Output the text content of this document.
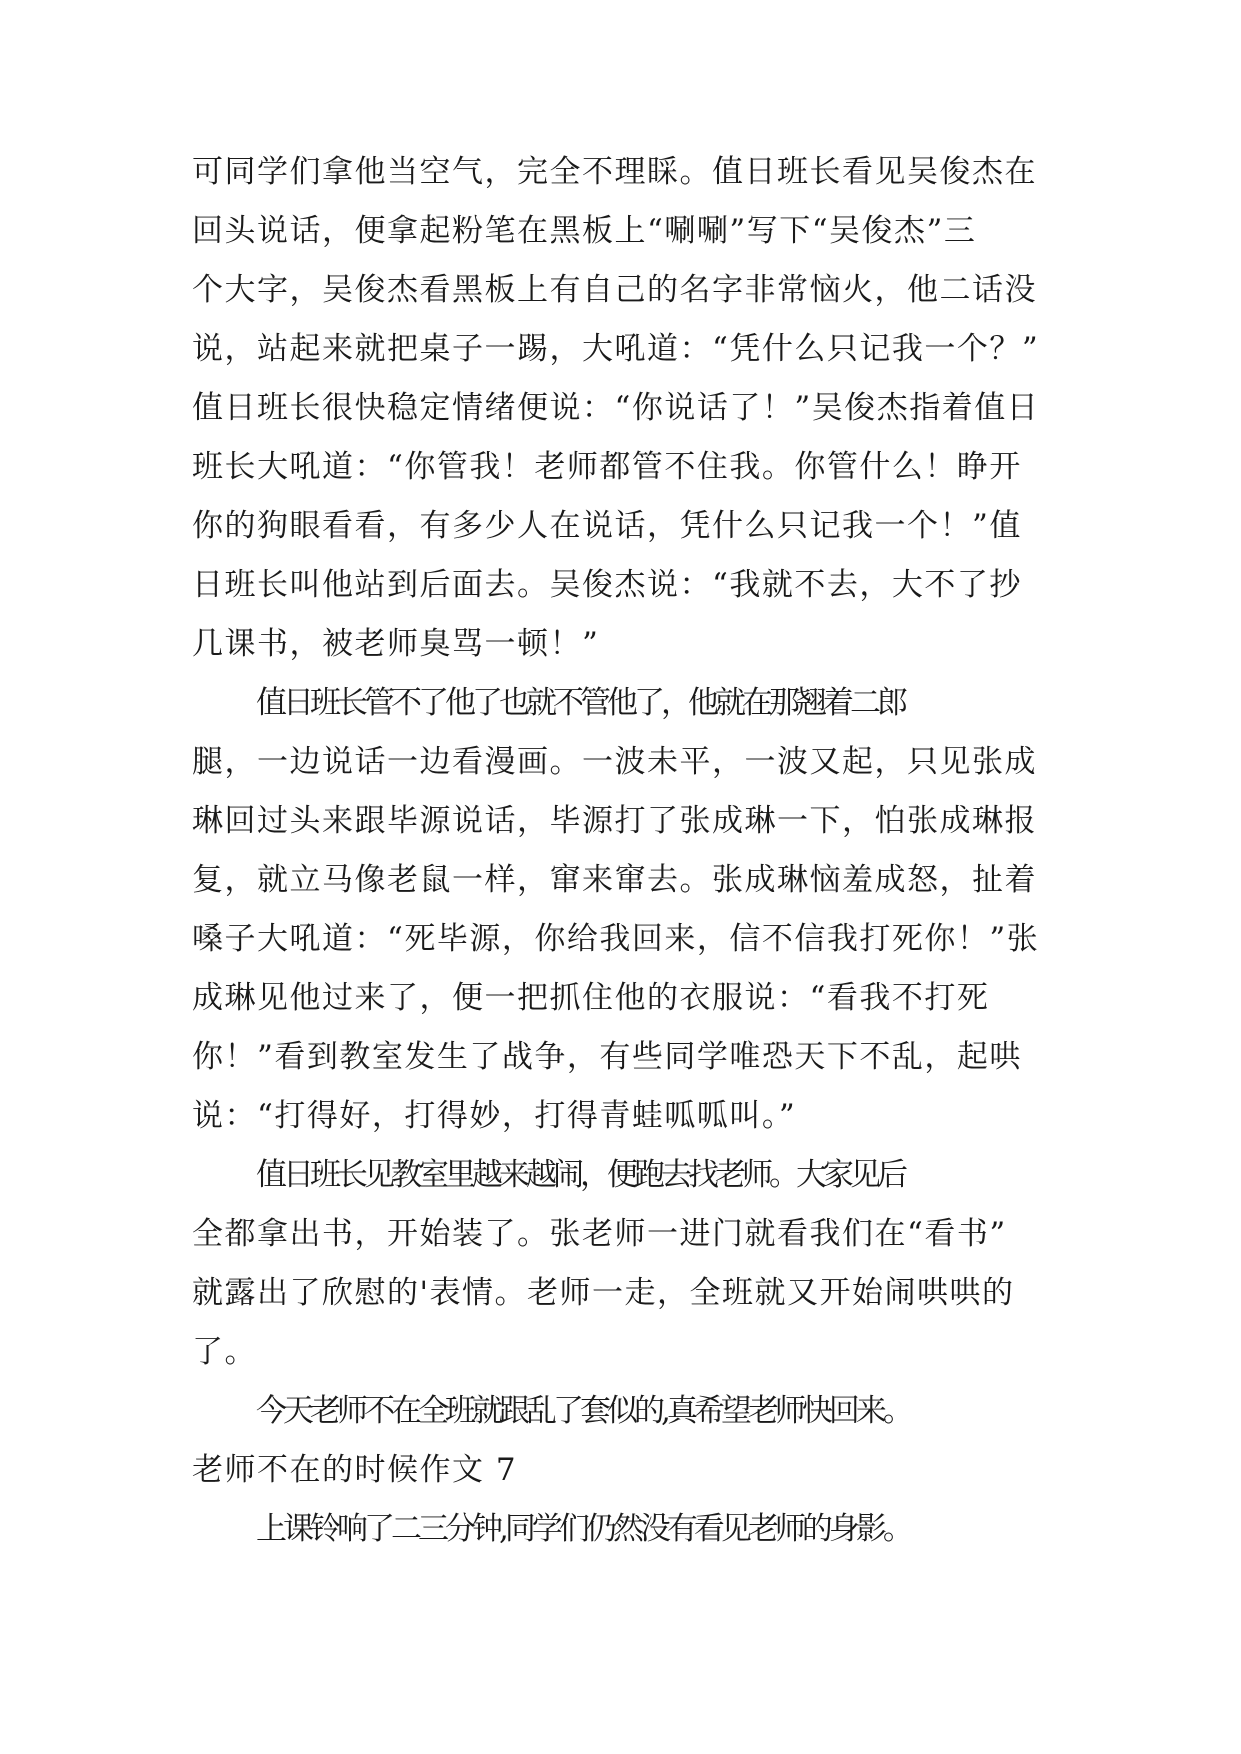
可同学们拿他当空气，完全不理睬。值日班长看见吴俊杰在
回头说话，便拿起粉笔在黑板上“唰唰”写下“吴俊杰”三
个大字，吴俊杰看黑板上有自己的名字非常恼火，他二话没
说，站起来就把桌子一踢，大吼道：“凭什么只记我一个？”
值日班长很快稳定情绪便说：“你说话了！”吴俊杰指着值日
班长大吼道：“你管我！老师都管不住我。你管什么！睁开
你的狗眼看看，有多少人在说话，凭什么只记我一个！”值
日班长叫他站到后面去。吴俊杰说：“我就不去，大不了抄
几课书，被老师臭骂一顿！”
值日班长管不了他了也就不管他了，他就在那翘着二郎
腿，一边说话一边看漫画。一波未平，一波又起，只见张成
琳回过头来跟毕源说话，毕源打了张成琳一下，怕张成琳报
复，就立马像老鼠一样，窜来窜去。张成琳恼羞成怒，扯着
嗓子大吼道：“死毕源，你给我回来，信不信我打死你！”张
成琳见他过来了，便一把抓住他的衣服说：“看我不打死
你！”看到教室发生了战争，有些同学唯恐天下不乱，起哄
说：“打得好，打得妙，打得青蛙呱呱叫。”
值日班长见教室里越来越闹，便跑去找老师。大家见后
全都拿出书，开始装了。张老师一进门就看我们在“看书”
就露出了欣慰的'表情。老师一走，全班就又开始闹哄哄的
了。
今天老师不在全班就跟乱了套似的,真希望老师快回来。
老师不在的时候作文 7
上课铃响了二三分钟,同学们仍然没有看见老师的身影。
